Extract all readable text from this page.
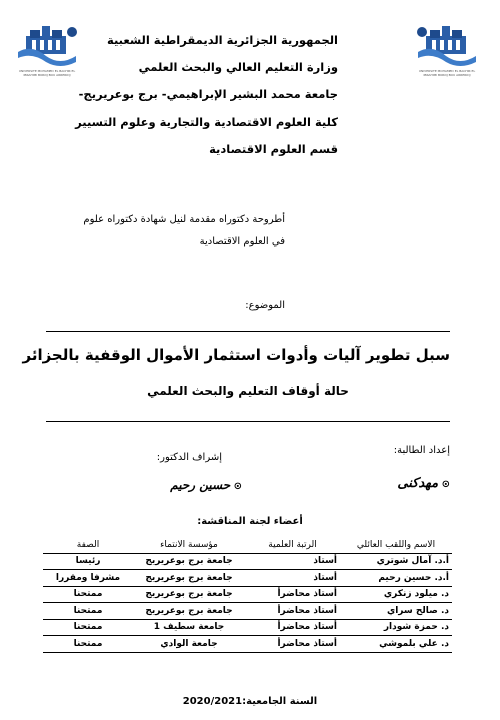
UNIVERSITE MOHAMED EL BACHIR EL IBRAHIMI BORDJ BOU ARRERIDJ
UNIVERSITE MOHAMED EL BACHIR EL IBRAHIMI BORDJ BOU ARRERIDJ
الجمهورية الجزائرية الديمقراطية الشعبية
وزارة التعليم العالي والبحث العلمي
جامعة محمد البشير الإبراهيمي- برج بوعريريج-
كلية العلوم الاقتصادية والتجارية وعلوم التسيير
قسم العلوم الاقتصادية
أطروحة دكتوراه مقدمة لنيل شهادة دكتوراه علوم
في العلوم الاقتصادية
الموضوع:
سبل تطوير آليات وأدوات استثمار الأموال الوقفية بالجزائر
حالة أوقاف التعليم والبحث العلمي
إعداد الطالبة:
إشراف الدكتور:
⊙ مهدكنى
⊙ حسين رحيم
أعضاء لجنة المناقشة:
الاسم واللقب العائلي	الرتبة العلمية	مؤسسة الانتماء	الصفة
أ.د. آمال شوتري	أستاذ	جامعة برج بوعريريج	رئيسا
أ.د. حسين رحيم	أستاذ	جامعة برج بوعريريج	مشرفا ومقررا
د. ميلود زنكري	أستاذ محاضرأ	جامعة برج بوعريريج	ممتحنا
د. صالح سراي	أستاذ محاضرأ	جامعة برج بوعريريج	ممتحنا
د. حمزة شودار	أستاذ محاضرأ	جامعة سطيف 1	ممتحنا
د. علي بلموشي	أستاذ محاضرأ	جامعة الوادي	ممتحنا
السنة الجامعية:2020/2021
